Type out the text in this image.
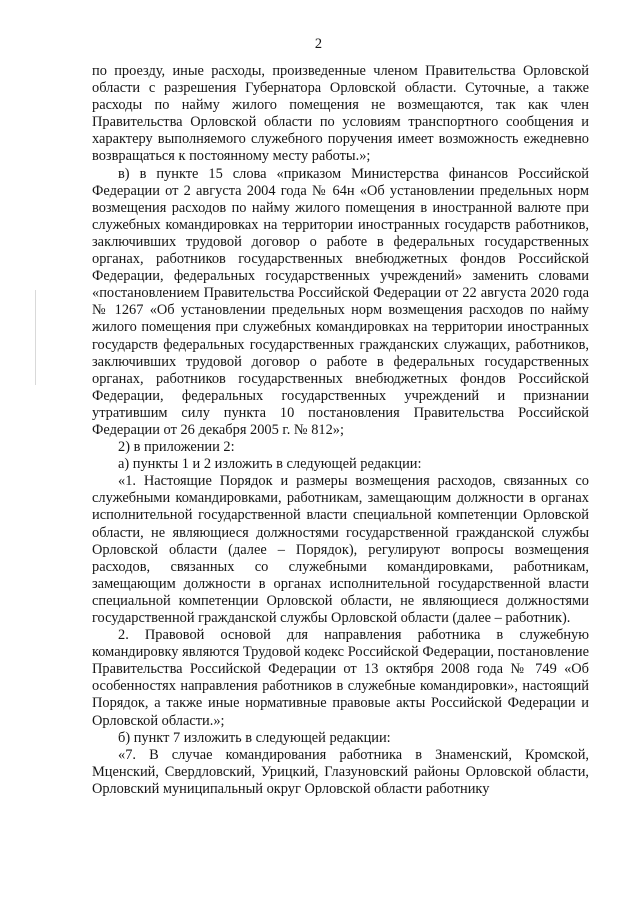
2

по проезду, иные расходы, произведенные членом Правительства Орловской области с разрешения Губернатора Орловской области. Суточные, а также расходы по найму жилого помещения не возмещаются, так как член Правительства Орловской области по условиям транспортного сообщения и характеру выполняемого служебного поручения имеет возможность ежедневно возвращаться к постоянному месту работы.»;

в) в пункте 15 слова «приказом Министерства финансов Российской Федерации от 2 августа 2004 года № 64н «Об установлении предельных норм возмещения расходов по найму жилого помещения в иностранной валюте при служебных командировках на территории иностранных государств работников, заключивших трудовой договор о работе в федеральных государственных органах, работников государственных внебюджетных фондов Российской Федерации, федеральных государственных учреждений» заменить словами «постановлением Правительства Российской Федерации от 22 августа 2020 года № 1267 «Об установлении предельных норм возмещения расходов по найму жилого помещения при служебных командировках на территории иностранных государств федеральных государственных гражданских служащих, работников, заключивших трудовой договор о работе в федеральных государственных органах, работников государственных внебюджетных фондов Российской Федерации, федеральных государственных учреждений и признании утратившим силу пункта 10 постановления Правительства Российской Федерации от 26 декабря 2005 г. № 812»;

2) в приложении 2:

а) пункты 1 и 2 изложить в следующей редакции:

«1. Настоящие Порядок и размеры возмещения расходов, связанных со служебными командировками, работникам, замещающим должности в органах исполнительной государственной власти специальной компетенции Орловской области, не являющиеся должностями государственной гражданской службы Орловской области (далее – Порядок), регулируют вопросы возмещения расходов, связанных со служебными командировками, работникам, замещающим должности в органах исполнительной государственной власти специальной компетенции Орловской области, не являющиеся должностями государственной гражданской службы Орловской области (далее – работник).

2. Правовой основой для направления работника в служебную командировку являются Трудовой кодекс Российской Федерации, постановление Правительства Российской Федерации от 13 октября 2008 года № 749 «Об особенностях направления работников в служебные командировки», настоящий Порядок, а также иные нормативные правовые акты Российской Федерации и Орловской области.»;

б) пункт 7 изложить в следующей редакции:

«7. В случае командирования работника в Знаменский, Кромской, Мценский, Свердловский, Урицкий, Глазуновский районы Орловской области, Орловский муниципальный округ Орловской области работнику
